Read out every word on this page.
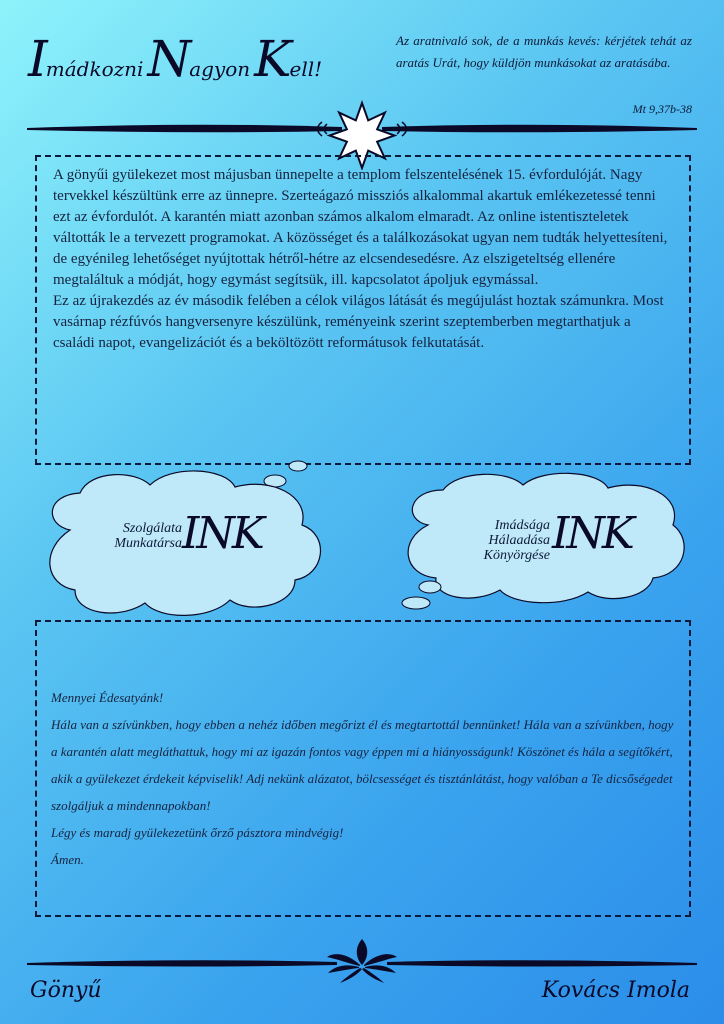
ImádkozniNagyonKell!
Az aratnivaló sok, de a munkás kevés: kérjétek tehát az aratás Urát, hogy küldjön munkásokat az aratásába.
Mt 9,37b-38

A gönyűi gyülekezet most májusban ünnepelte a templom felszentelésének 15. évfordulóját. Nagy tervekkel készültünk erre az ünnepre. Szerteágazó missziós alkalommal akartuk emlékezetessé tenni ezt az évfordulót. A karantén miatt azonban számos alkalom elmaradt. Az online istentiszteletek váltották le a tervezett programokat. A közösséget és a találkozásokat ugyan nem tudták helyettesíteni, de egyénileg lehetőséget nyújtottak hétről-hétre az elcsendesedésre. Az elszigeteltség ellenére megtaláltuk a módját, hogy egymást segítsük, ill. kapcsolatot ápoljuk egymással.

Ez az újrakezdés az év második felében a célok világos látását és megújulást hoztak számunkra. Most vasárnap rézfúvós hangversenyre készülünk, reményeink szerint szeptemberben megtarthatjuk a családi napot, evangelizációt és a beköltözött reformátusok felkutatását.

Szolgálata
Munkatársa INK	Imádsága
Hálaadása
Könyörgése INK

Mennyei Édesatyánk!

Hála van a szívünkben, hogy ebben a nehéz időben megőrizt él és megtartottál bennünket! Hála van a szívünkben, hogy a karantén alatt megláthattuk, hogy mi az igazán fontos vagy éppen mi a hiányosságunk! Köszönet és hála a segítőkért, akik a gyülekezet érdekeit képviselik! Adj nekünk alázatot, bölcsességet és tisztánlátást, hogy valóban a Te dicsőségedet szolgáljuk a mindennapokban!

Légy és maradj gyülekezetünk őrző pásztora mindvégig!

Ámen.

Gönyű	Kovács Imola
